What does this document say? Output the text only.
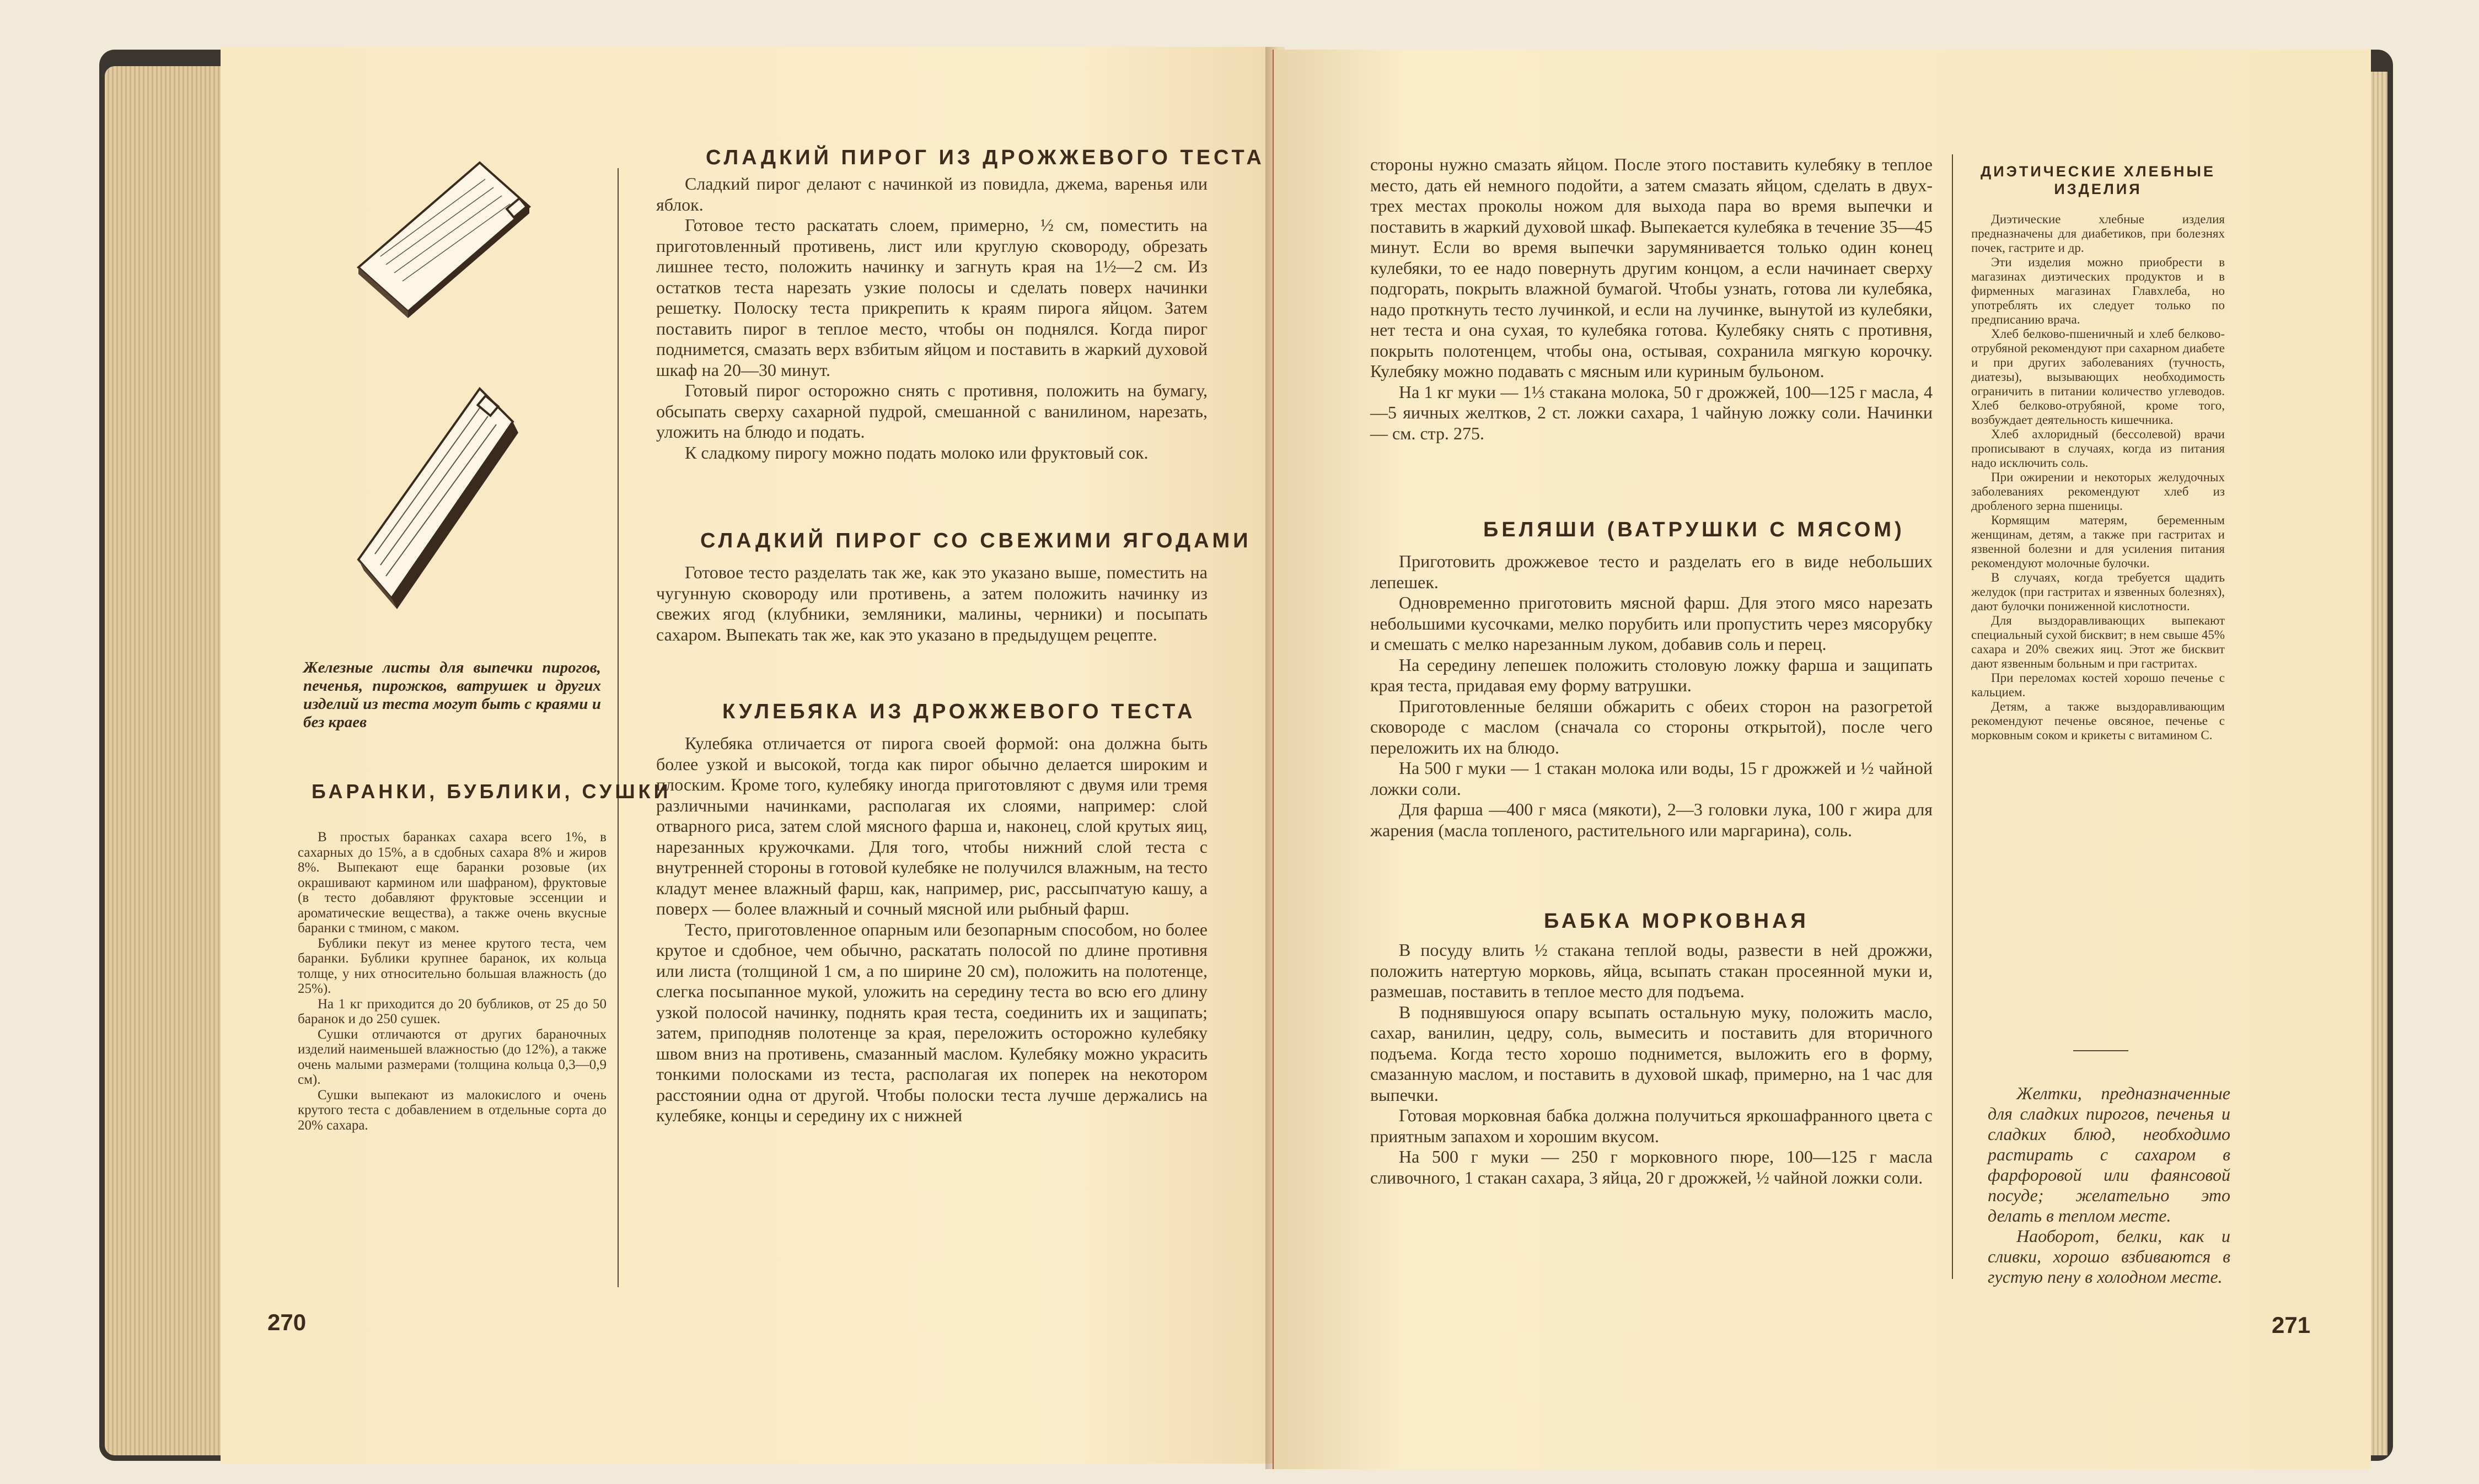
Железные листы для выпечки пирогов, печенья, пирожков, ватрушек и других изделий из теста могут быть с краями и без краев
СЛАДКИЙ ПИРОГ ИЗ ДРОЖЖЕВОГО ТЕСТА

Сладкий пирог делают с начинкой из повидла, джема, варенья или яблок.

Готовое тесто раскатать слоем, примерно, ½ см, поместить на приготовленный противень, лист или круглую сковороду, обрезать лишнее тесто, положить начинку и загнуть края на 1½—2 см. Из остатков теста нарезать узкие полосы и сделать поверх начинки решетку. Полоску теста прикрепить к краям пирога яйцом. Затем поставить пирог в теплое место, чтобы он поднялся. Когда пирог поднимется, смазать верх взбитым яйцом и поставить в жаркий духовой шкаф на 20—30 минут.

Готовый пирог осторожно снять с противня, положить на бумагу, обсыпать сверху сахарной пудрой, смешанной с ванилином, нарезать, уложить на блюдо и подать.

К сладкому пирогу можно подать молоко или фруктовый сок.

СЛАДКИЙ ПИРОГ СО СВЕЖИМИ ЯГОДАМИ

Готовое тесто разделать так же, как это указано выше, поместить на чугунную сковороду или противень, а затем положить начинку из свежих ягод (клубники, земляники, малины, черники) и посыпать сахаром. Выпекать так же, как это указано в предыдущем рецепте.

КУЛЕБЯКА ИЗ ДРОЖЖЕВОГО ТЕСТА

Кулебяка отличается от пирога своей формой: она должна быть более узкой и высокой, тогда как пирог обычно делается широким и плоским. Кроме того, кулебяку иногда приготовляют с двумя или тремя различными начинками, располагая их слоями, например: слой отварного риса, затем слой мясного фарша и, наконец, слой крутых яиц, нарезанных кружочками. Для того, чтобы нижний слой теста с внутренней стороны в готовой кулебяке не получился влажным, на тесто кладут менее влажный фарш, как, например, рис, рассыпчатую кашу, а поверх — более влажный и сочный мясной или рыбный фарш.

Тесто, приготовленное опарным или безопарным способом, но более крутое и сдобное, чем обычно, раскатать полосой по длине противня или листа (толщиной 1 см, а по ширине 20 см), положить на полотенце, слегка посыпанное мукой, уложить на середину теста во всю его длину узкой полосой начинку, поднять края теста, соединить их и защипать; затем, приподняв полотенце за края, переложить осторожно кулебяку швом вниз на противень, смазанный маслом. Кулебяку можно украсить тонкими полосками из теста, располагая их поперек на некотором расстоянии одна от другой. Чтобы полоски теста лучше держались на кулебяке, концы и середину их с нижней

БАРАНКИ, БУБЛИКИ, СУШКИ

В простых баранках сахара всего 1%, в сахарных до 15%, а в сдобных сахара 8% и жиров 8%. Выпекают еще баранки розовые (их окрашивают кармином или шафраном), фруктовые (в тесто добавляют фруктовые эссенции и ароматические вещества), а также очень вкусные баранки с тмином, с маком.

Бублики пекут из менее крутого теста, чем баранки. Бублики крупнее баранок, их кольца толще, у них относительно большая влажность (до 25%).

На 1 кг приходится до 20 бубликов, от 25 до 50 баранок и до 250 сушек.

Сушки отличаются от других бараночных изделий наименьшей влажностью (до 12%), а также очень малыми размерами (толщина кольца 0,3—0,9 см).

Сушки выпекают из малокислого и очень крутого теста с добавлением в отдельные сорта до 20% сахара.

270

стороны нужно смазать яйцом. После этого поставить кулебяку в теплое место, дать ей немного подойти, а затем смазать яйцом, сделать в двух-трех местах проколы ножом для выхода пара во время выпечки и поставить в жаркий духовой шкаф. Выпекается кулебяка в течение 35—45 минут. Если во время выпечки зарумянивается только один конец кулебяки, то ее надо повернуть другим концом, а если начинает сверху подгорать, покрыть влажной бумагой. Чтобы узнать, готова ли кулебяка, надо проткнуть тесто лучинкой, и если на лучинке, вынутой из кулебяки, нет теста и она сухая, то кулебяка готова. Кулебяку снять с противня, покрыть полотенцем, чтобы она, остывая, сохранила мягкую корочку. Кулебяку можно подавать с мясным или куриным бульоном.

На 1 кг муки — 1⅓ стакана молока, 50 г дрожжей, 100—125 г масла, 4—5 яичных желтков, 2 ст. ложки сахара, 1 чайную ложку соли. Начинки — см. стр. 275.

БЕЛЯШИ (ВАТРУШКИ С МЯСОМ)

Приготовить дрожжевое тесто и разделать его в виде небольших лепешек.

Одновременно приготовить мясной фарш. Для этого мясо нарезать небольшими кусочками, мелко порубить или пропустить через мясорубку и смешать с мелко нарезанным луком, добавив соль и перец.

На середину лепешек положить столовую ложку фарша и защипать края теста, придавая ему форму ватрушки.

Приготовленные беляши обжарить с обеих сторон на разогретой сковороде с маслом (сначала со стороны открытой), после чего переложить их на блюдо.

На 500 г муки — 1 стакан молока или воды, 15 г дрожжей и ½ чайной ложки соли.

Для фарша —400 г мяса (мякоти), 2—3 головки лука, 100 г жира для жарения (масла топленого, растительного или маргарина), соль.

БАБКА МОРКОВНАЯ

В посуду влить ½ стакана теплой воды, развести в ней дрожжи, положить натертую морковь, яйца, всыпать стакан просеянной муки и, размешав, поставить в теплое место для подъема.

В поднявшуюся опару всыпать остальную муку, положить масло, сахар, ванилин, цедру, соль, вымесить и поставить для вторичного подъема. Когда тесто хорошо поднимется, выложить его в форму, смазанную маслом, и поставить в духовой шкаф, примерно, на 1 час для выпечки.

Готовая морковная бабка должна получиться яркошафранного цвета с приятным запахом и хорошим вкусом.

На 500 г муки — 250 г морковного пюре, 100—125 г масла сливочного, 1 стакан сахара, 3 яйца, 20 г дрожжей, ½ чайной ложки соли.

ДИЭТИЧЕСКИЕ ХЛЕБНЫЕ ИЗДЕЛИЯ

Диэтические хлебные изделия предназначены для диабетиков, при болезнях почек, гастрите и др.

Эти изделия можно приобрести в магазинах диэтических продуктов и в фирменных магазинах Главхлеба, но употреблять их следует только по предписанию врача.

Хлеб белково-пшеничный и хлеб белково-отрубяной рекомендуют при сахарном диабете и при других заболеваниях (тучность, диатезы), вызывающих необходимость ограничить в питании количество углеводов. Хлеб белково-отрубяной, кроме того, возбуждает деятельность кишечника.

Хлеб ахлоридный (бессолевой) врачи прописывают в случаях, когда из питания надо исключить соль.

При ожирении и некоторых желудочных заболеваниях рекомендуют хлеб из дробленого зерна пшеницы.

Кормящим матерям, беременным женщинам, детям, а также при гастритах и язвенной болезни и для усиления питания рекомендуют молочные булочки.

В случаях, когда требуется щадить желудок (при гастритах и язвенных болезнях), дают булочки пониженной кислотности.

Для выздоравливающих выпекают специальный сухой бисквит; в нем свыше 45% сахара и 20% свежих яиц. Этот же бисквит дают язвенным больным и при гастритах.

При переломах костей хорошо печенье с кальцием.

Детям, а также выздоравливающим рекомендуют печенье овсяное, печенье с морковным соком и крикеты с витамином С.

Желтки, предназначенные для сладких пирогов, печенья и сладких блюд, необходимо растирать с сахаром в фарфоровой или фаянсовой посуде; желательно это делать в теплом месте.

Наоборот, белки, как и сливки, хорошо взбиваются в густую пену в холодном месте.

271
